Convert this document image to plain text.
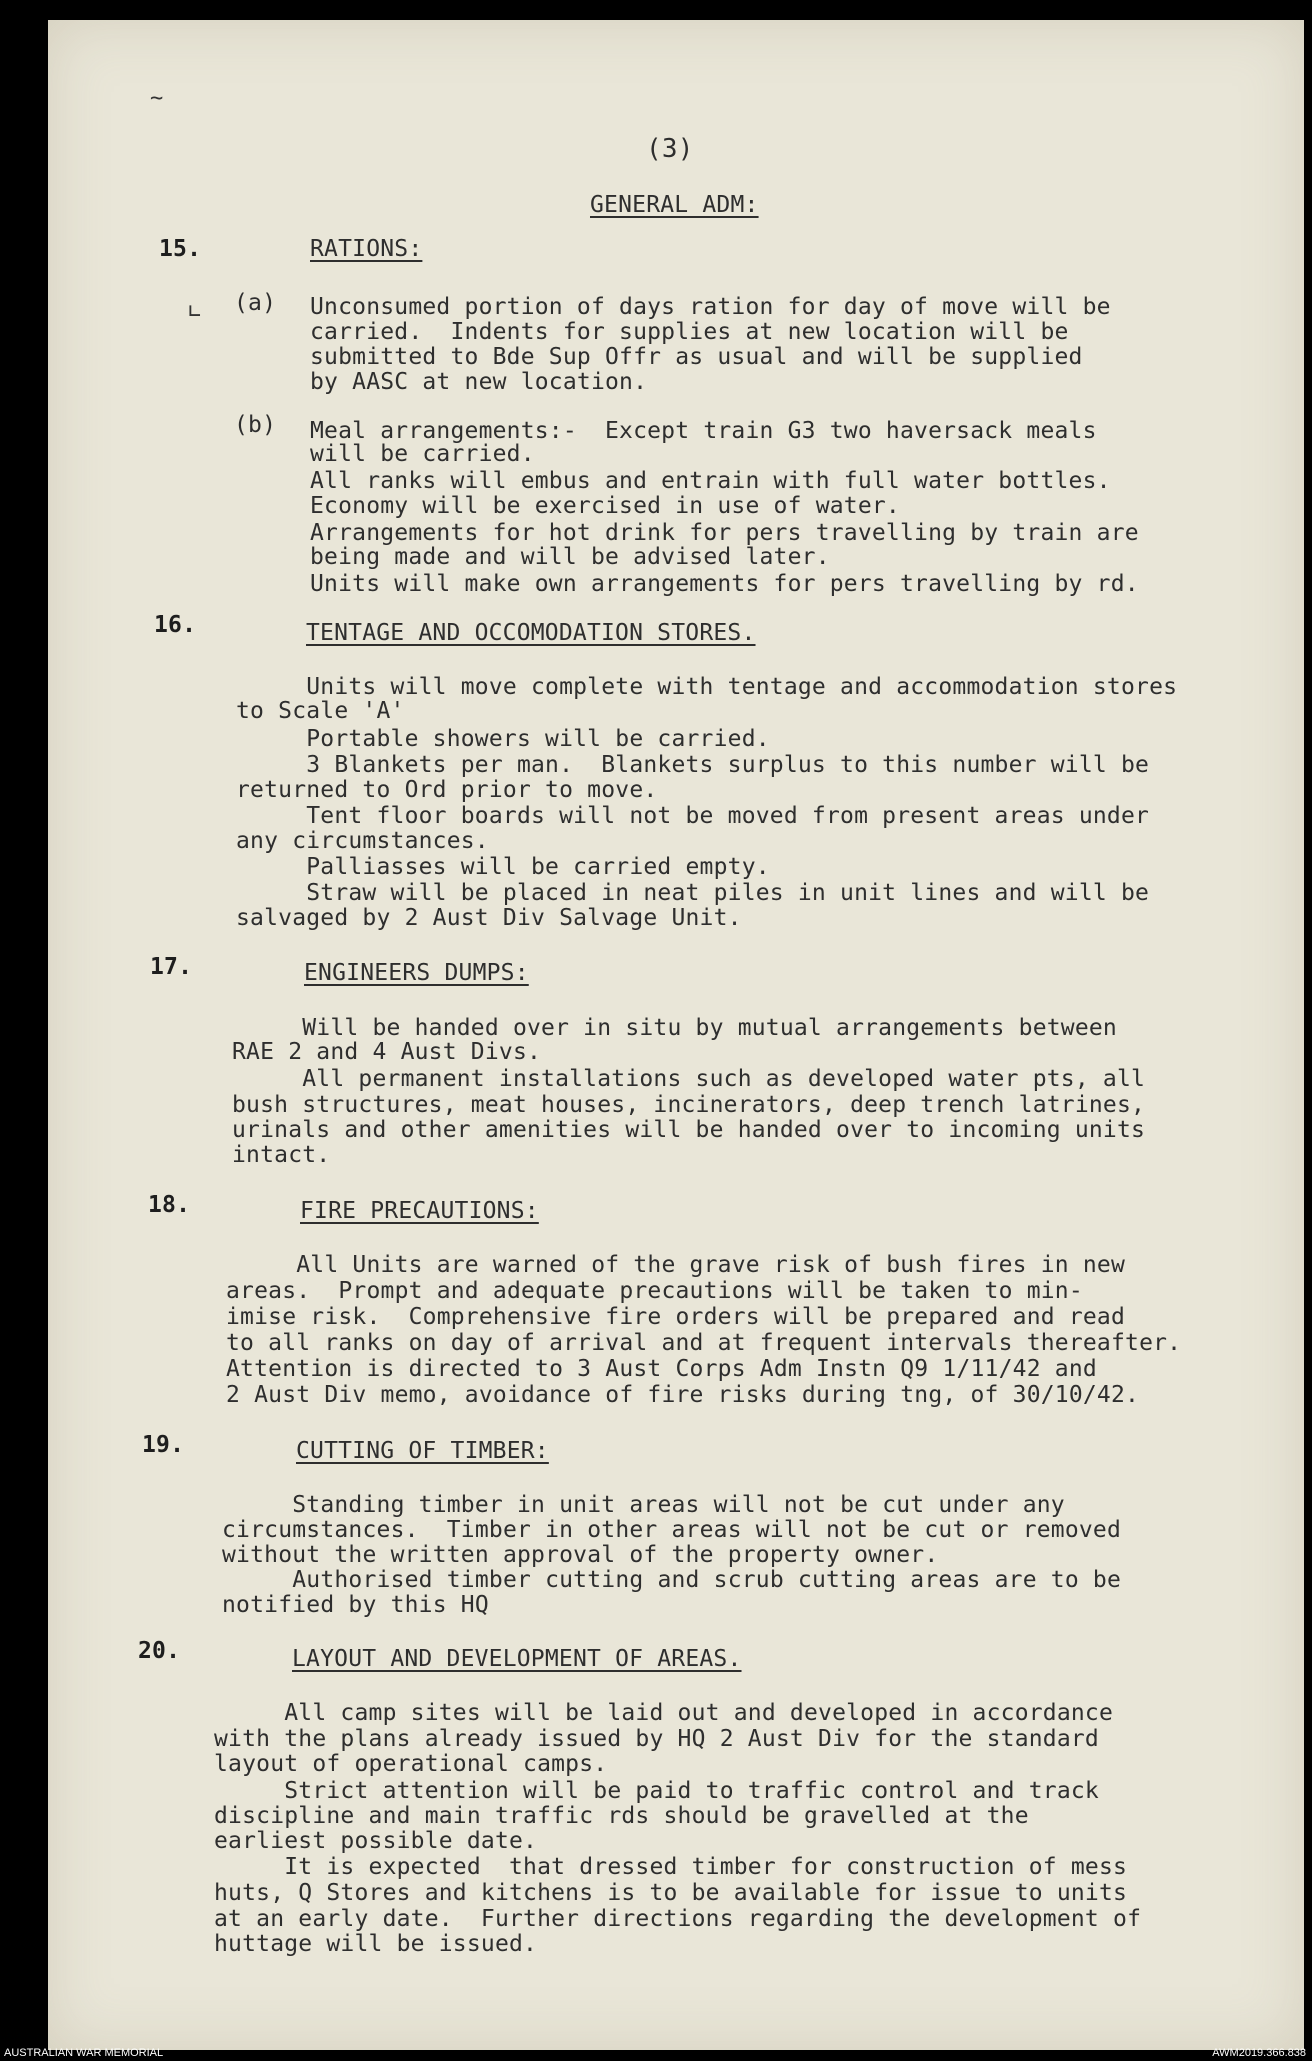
~
∟
(3)
GENERAL ADM:
15.	RATIONS:
(a) Unconsumed portion of days ration for day of move will be
carried.  Indents for supplies at new location will be
submitted to Bde Sup Offr as usual and will be supplied
by AASC at new location.
(b) Meal arrangements:-  Except train G3 two haversack meals
will be carried.
All ranks will embus and entrain with full water bottles.
Economy will be exercised in use of water.
Arrangements for hot drink for pers travelling by train are
being made and will be advised later.
Units will make own arrangements for pers travelling by rd.
16.	TENTAGE AND OCCOMODATION STORES.
Units will move complete with tentage and accommodation stores
to Scale 'A'
Portable showers will be carried.
3 Blankets per man.  Blankets surplus to this number will be
returned to Ord prior to move.
Tent floor boards will not be moved from present areas under
any circumstances.
Palliasses will be carried empty.
Straw will be placed in neat piles in unit lines and will be
salvaged by 2 Aust Div Salvage Unit.
17.	ENGINEERS DUMPS:
Will be handed over in situ by mutual arrangements between
RAE 2 and 4 Aust Divs.
All permanent installations such as developed water pts, all
bush structures, meat houses, incinerators, deep trench latrines,
urinals and other amenities will be handed over to incoming units
intact.
18.	FIRE PRECAUTIONS:
All Units are warned of the grave risk of bush fires in new
areas.  Prompt and adequate precautions will be taken to min-
imise risk.  Comprehensive fire orders will be prepared and read
to all ranks on day of arrival and at frequent intervals thereafter.
Attention is directed to 3 Aust Corps Adm Instn Q9 1/11/42 and
2 Aust Div memo, avoidance of fire risks during tng, of 30/10/42.
19.	CUTTING OF TIMBER:
Standing timber in unit areas will not be cut under any
circumstances.  Timber in other areas will not be cut or removed
without the written approval of the property owner.
Authorised timber cutting and scrub cutting areas are to be
notified by this HQ
20.	LAYOUT AND DEVELOPMENT OF AREAS.
All camp sites will be laid out and developed in accordance
with the plans already issued by HQ 2 Aust Div for the standard
layout of operational camps.
Strict attention will be paid to traffic control and track
discipline and main traffic rds should be gravelled at the
earliest possible date.
It is expected  that dressed timber for construction of mess
huts, Q Stores and kitchens is to be available for issue to units
at an early date.  Further directions regarding the development of
huttage will be issued.
AUSTRALIAN WAR MEMORIAL	AWM2019.366.838
